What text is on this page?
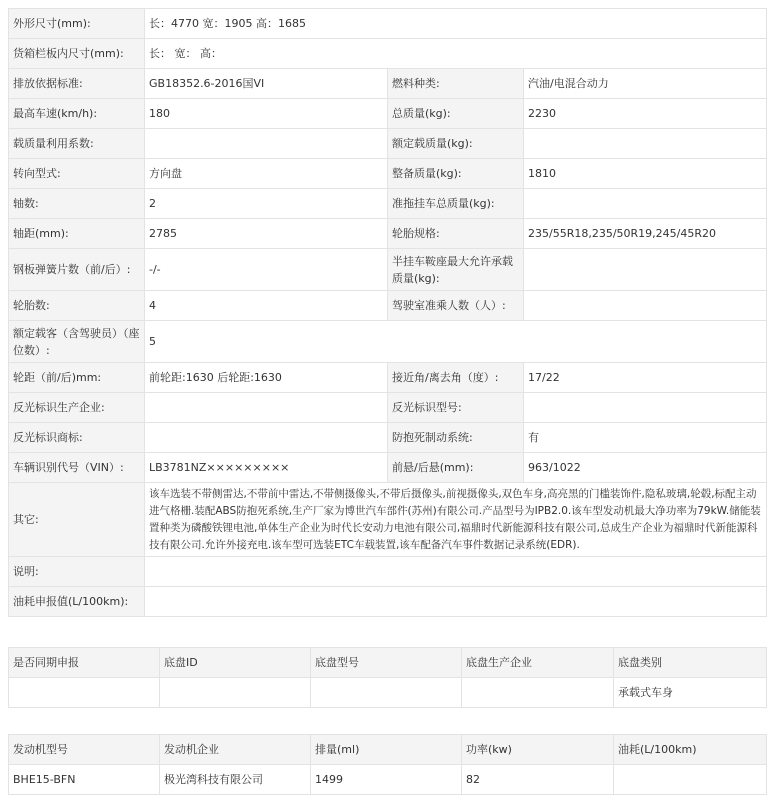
外形尺寸(mm):	长：4770 宽：1905 高：1685		
货箱栏板内尺寸(mm):	长： 宽： 高：		
排放依据标准:	GB18352.6-2016国VI	燃料种类:	汽油/电混合动力
最高车速(km/h):	180	总质量(kg):	2230
载质量利用系数:		额定载质量(kg):	
转向型式:	方向盘	整备质量(kg):	1810
轴数:	2	准拖挂车总质量(kg):	
轴距(mm):	2785	轮胎规格:	235/55R18,235/50R19,245/45R20
钢板弹簧片数（前/后）:	-/-	半挂车鞍座最大允许承载质量(kg):	
轮胎数:	4	驾驶室准乘人数（人）:	
额定载客（含驾驶员）（座位数）:	5		
轮距（前/后)mm:	前轮距:1630 后轮距:1630	接近角/离去角（度）:	17/22
反光标识生产企业:		反光标识型号:	
反光标识商标:		防抱死制动系统:	有
车辆识别代号（VIN）:	LB3781NZ×××××××××	前悬/后悬(mm):	963/1022
其它:	该车选装不带侧雷达,不带前中雷达,不带侧摄像头,不带后摄像头,前视摄像头,双色车身,高亮黑的门槛装饰件,隐私玻璃,轮毂,标配主动进气格栅.装配ABS防抱死系统,生产厂家为博世汽车部件(苏州)有限公司.产品型号为IPB2.0.该车型发动机最大净功率为79kW.储能装置种类为磷酸铁锂电池,单体生产企业为时代长安动力电池有限公司,福鼎时代新能源科技有限公司,总成生产企业为福鼎时代新能源科技有限公司.允许外接充电.该车型可选装ETC车载装置,该车配备汽车事件数据记录系统(EDR).		
说明:			
油耗申报值(L/100km):			
是否同期申报	底盘ID	底盘型号	底盘生产企业	底盘类别
				承载式车身
发动机型号	发动机企业	排量(ml)	功率(kw)	油耗(L/100km)
BHE15-BFN	极光湾科技有限公司	1499	82	
